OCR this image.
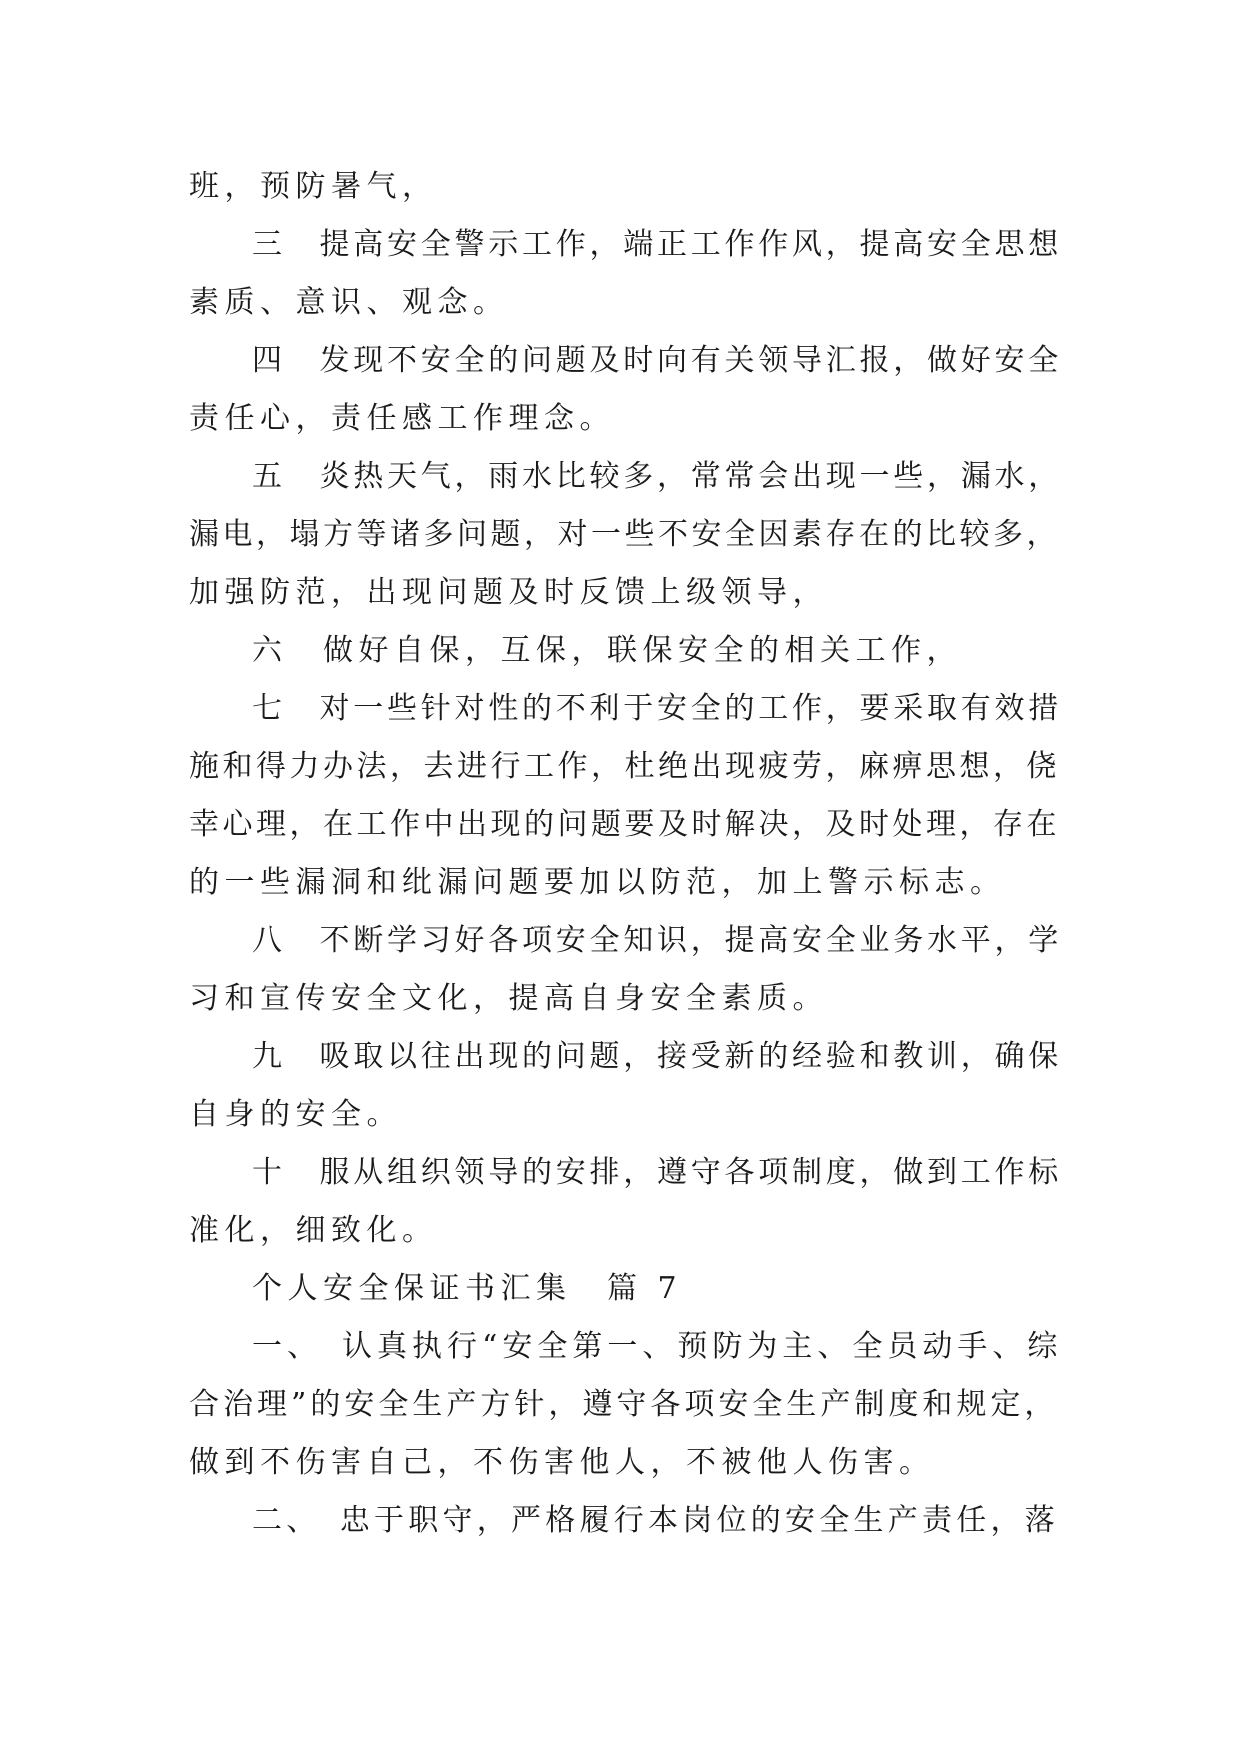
班，预防暑气，
三　提高安全警示工作，端正工作作风，提高安全思想
素质、意识、观念。
四　发现不安全的问题及时向有关领导汇报，做好安全
责任心，责任感工作理念。
五　炎热天气，雨水比较多，常常会出现一些，漏水，
漏电，塌方等诸多问题，对一些不安全因素存在的比较多，
加强防范，出现问题及时反馈上级领导，
六　做好自保，互保，联保安全的相关工作，
七　对一些针对性的不利于安全的工作，要采取有效措
施和得力办法，去进行工作，杜绝出现疲劳，麻痹思想，侥
幸心理，在工作中出现的问题要及时解决，及时处理，存在
的一些漏洞和纰漏问题要加以防范，加上警示标志。
八　不断学习好各项安全知识，提高安全业务水平，学
习和宣传安全文化，提高自身安全素质。
九　吸取以往出现的问题，接受新的经验和教训，确保
自身的安全。
十　服从组织领导的安排，遵守各项制度，做到工作标
准化，细致化。
个人安全保证书汇集　篇 7
一、　认真执行“安全第一、预防为主、全员动手、综
合治理”的安全生产方针，遵守各项安全生产制度和规定，
做到不伤害自己，不伤害他人，不被他人伤害。
二、　忠于职守，严格履行本岗位的安全生产责任，落
